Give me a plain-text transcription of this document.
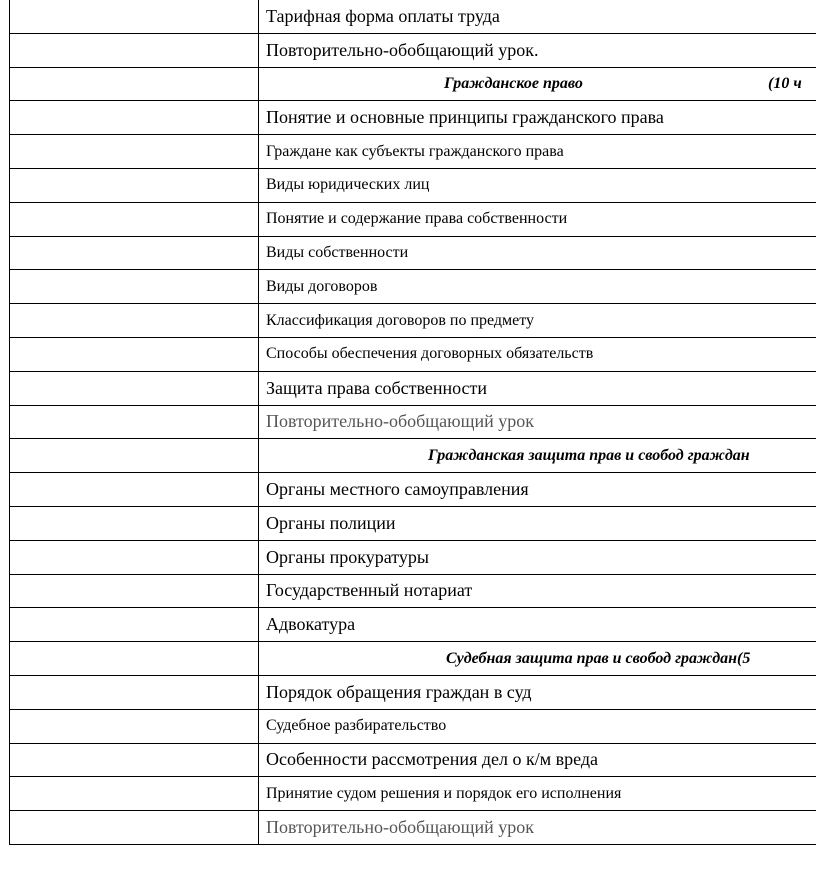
	Тарифная форма оплаты труда
	Повторительно-обобщающий урок.

	Гражданское право (10 ч

	Понятие и основные принципы гражданского права
	Граждане как субъекты гражданского права
	Виды юридических лиц
	Понятие и содержание права собственности
	Виды собственности
	Виды договоров
	Классификация договоров по предмету
	Способы обеспечения договорных обязательств
	Защита права собственности
	Повторительно-обобщающий урок

	Гражданская защита прав и свобод граждан

	Органы местного самоуправления
	Органы полиции
	Органы прокуратуры
	Государственный нотариат
	Адвокатура

	Судебная защита прав и свобод граждан(5

	Порядок обращения граждан в суд
	Судебное разбирательство
	Особенности рассмотрения дел о к/м вреда
	Принятие судом решения и порядок его исполнения
	Повторительно-обобщающий урок
